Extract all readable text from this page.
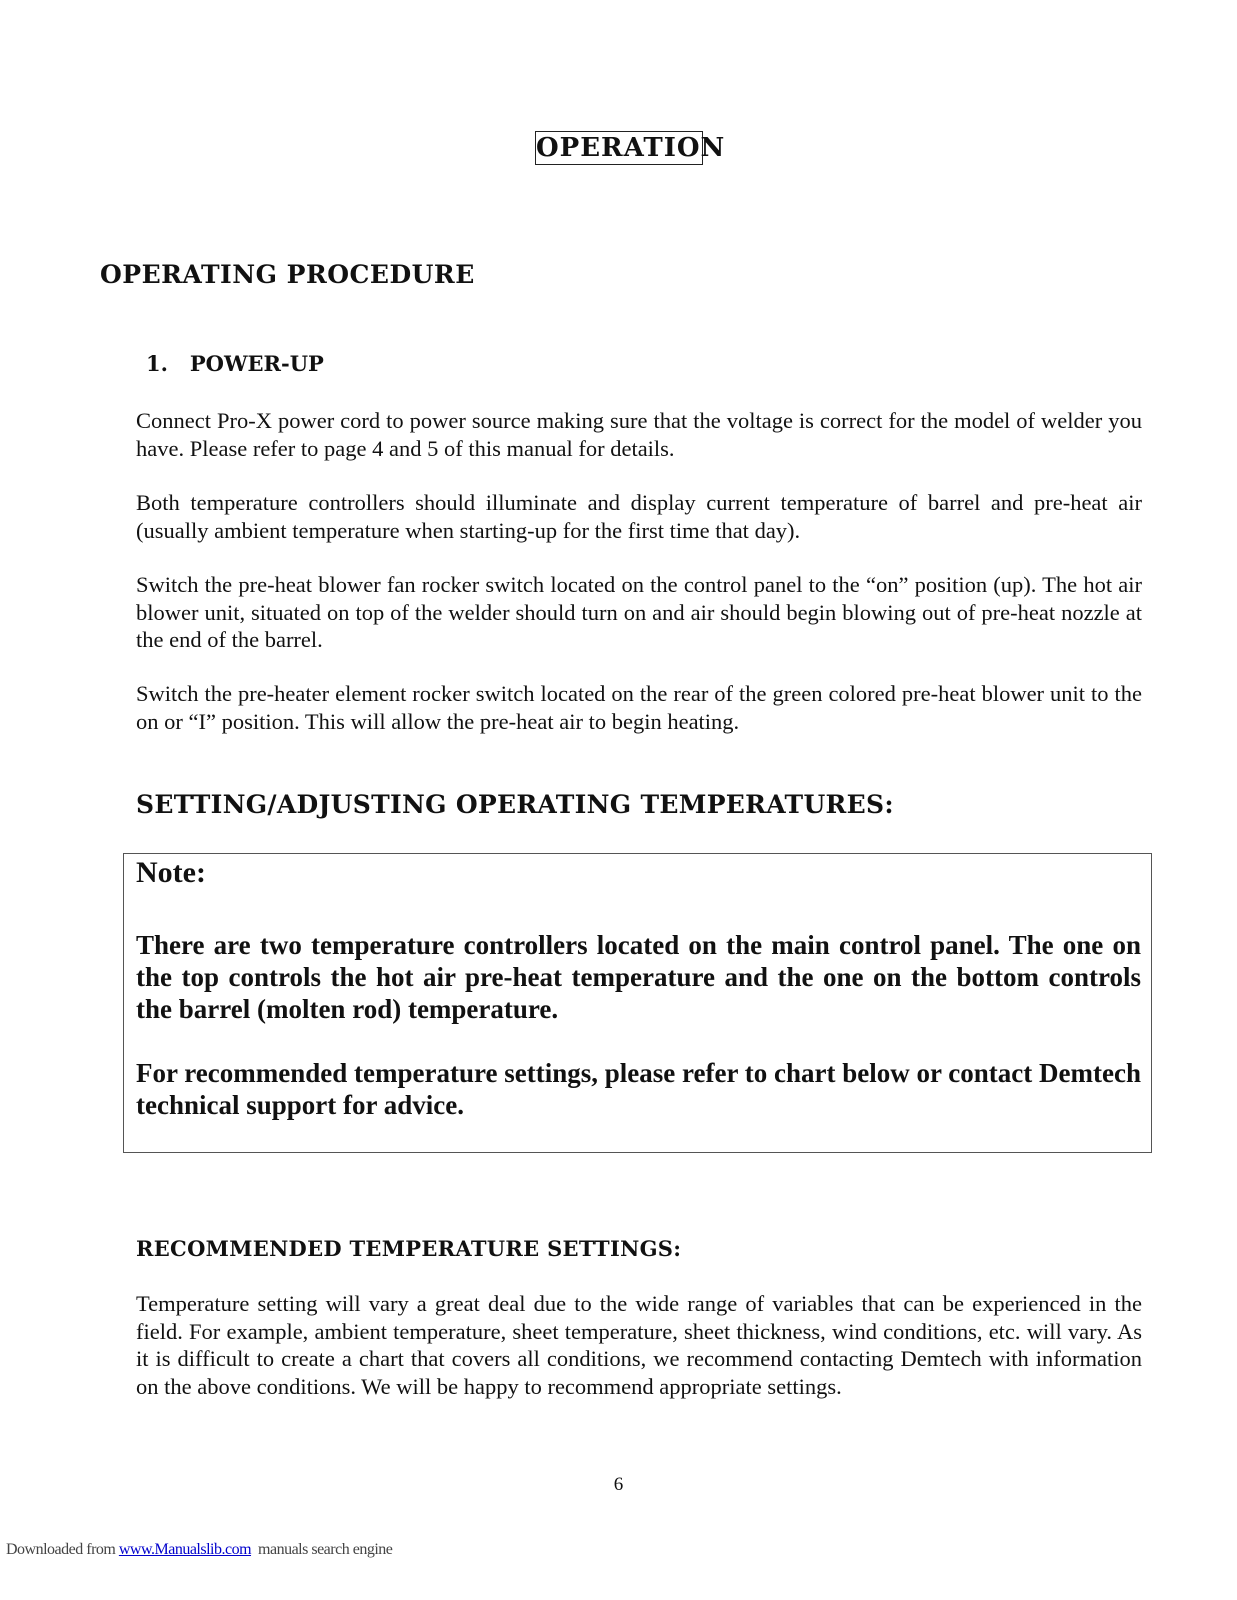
OPERATION
OPERATING PROCEDURE
1.   POWER-UP
Connect Pro-X power cord to power source making sure that the voltage is correct for the model of welder you have. Please refer to page 4 and 5 of this manual for details.
Both temperature controllers should illuminate and display current temperature of barrel and pre-heat air (usually ambient temperature when starting-up for the first time that day).
Switch the pre-heat blower fan rocker switch located on the control panel to the “on” position (up). The hot air blower unit, situated on top of the welder should turn on and air should begin blowing out of pre-heat nozzle at the end of the barrel.
Switch the pre-heater element rocker switch located on the rear of the green colored pre-heat blower unit to the on or “I” position. This will allow the pre-heat air to begin heating.
SETTING/ADJUSTING OPERATING TEMPERATURES:
Note:
There are two temperature controllers located on the main control panel. The one on the top controls the hot air pre-heat temperature and the one on the bottom controls the barrel (molten rod) temperature.
For recommended temperature settings, please refer to chart below or contact Demtech technical support for advice.
RECOMMENDED TEMPERATURE SETTINGS:
Temperature setting will vary a great deal due to the wide range of variables that can be experienced in the field. For example, ambient temperature, sheet temperature, sheet thickness, wind conditions, etc. will vary. As it is difficult to create a chart that covers all conditions, we recommend contacting Demtech with information on the above conditions. We will be happy to recommend appropriate settings.
6
Downloaded from www.Manualslib.com  manuals search engine
